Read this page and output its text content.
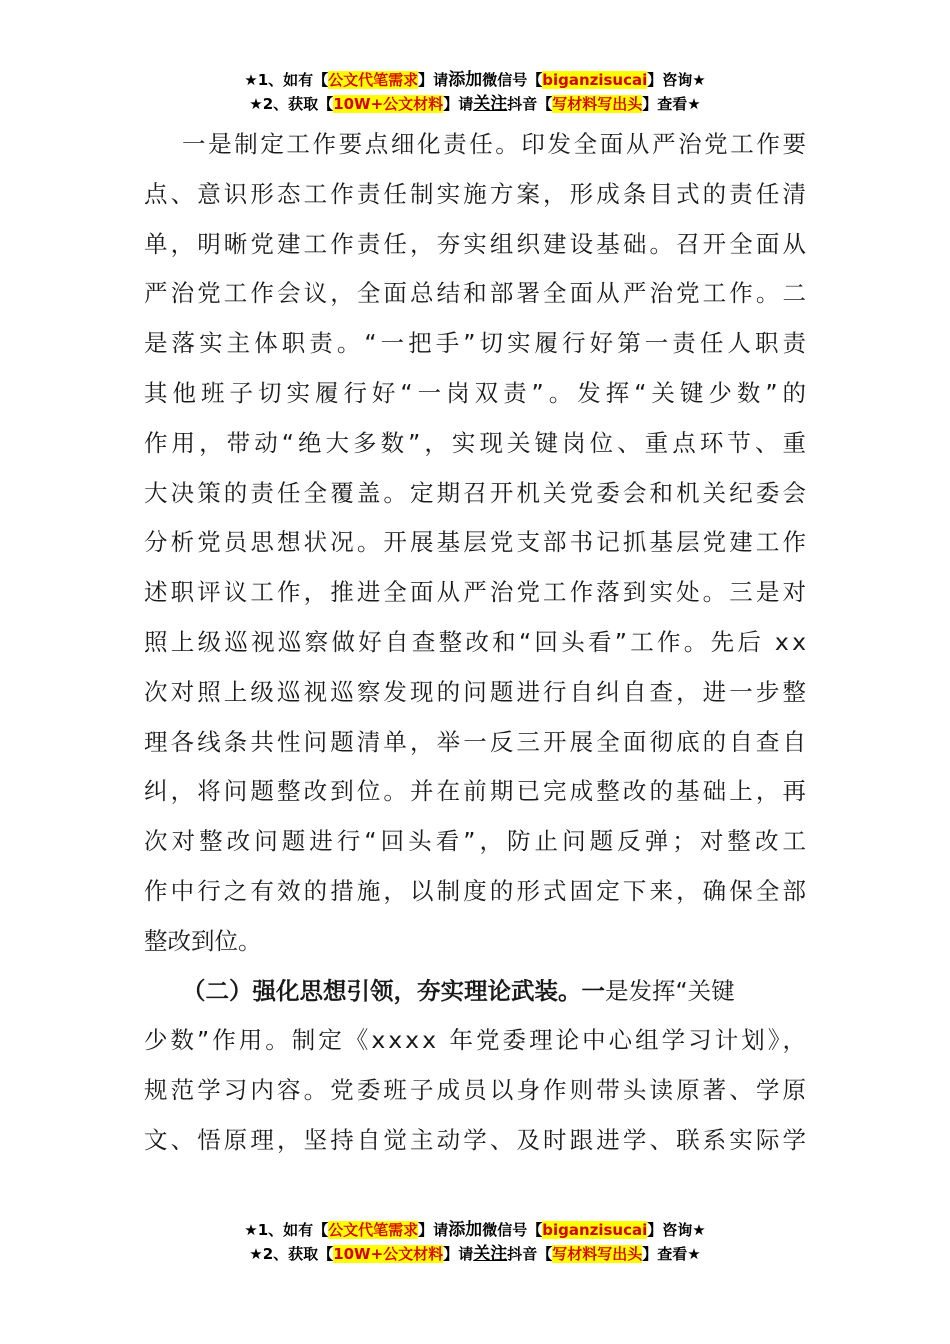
★1、如有【公文代笔需求】请添加微信号【biganzisucai】咨询★
★2、获取【10W+公文材料】请关注抖音【写材料写出头】查看★
一是制定工作要点细化责任。印发全面从严治党工作要
点、意识形态工作责任制实施方案，形成条目式的责任清
单，明晰党建工作责任，夯实组织建设基础。召开全面从
严治党工作会议，全面总结和部署全面从严治党工作。二
是落实主体职责。“一把手”切实履行好第一责任人职责
其他班子切实履行好“一岗双责”。发挥“关键少数”的
作用，带动“绝大多数”，实现关键岗位、重点环节、重
大决策的责任全覆盖。定期召开机关党委会和机关纪委会
分析党员思想状况。开展基层党支部书记抓基层党建工作
述职评议工作，推进全面从严治党工作落到实处。三是对
照上级巡视巡察做好自查整改和“回头看”工作。先后 xx
次对照上级巡视巡察发现的问题进行自纠自查，进一步整
理各线条共性问题清单，举一反三开展全面彻底的自查自
纠，将问题整改到位。并在前期已完成整改的基础上，再
次对整改问题进行“回头看”，防止问题反弹；对整改工
作中行之有效的措施，以制度的形式固定下来，确保全部
整改到位。
（二）强化思想引领，夯实理论武装。 一 是发挥“关键
少数”作用。制定《xxxx 年党委理论中心组学习计划》，
规范学习内容。党委班子成员以身作则带头读原著、学原
文、悟原理，坚持自觉主动学、及时跟进学、联系实际学
★1、如有【公文代笔需求】请添加微信号【biganzisucai】咨询★
★2、获取【10W+公文材料】请关注抖音【写材料写出头】查看★
